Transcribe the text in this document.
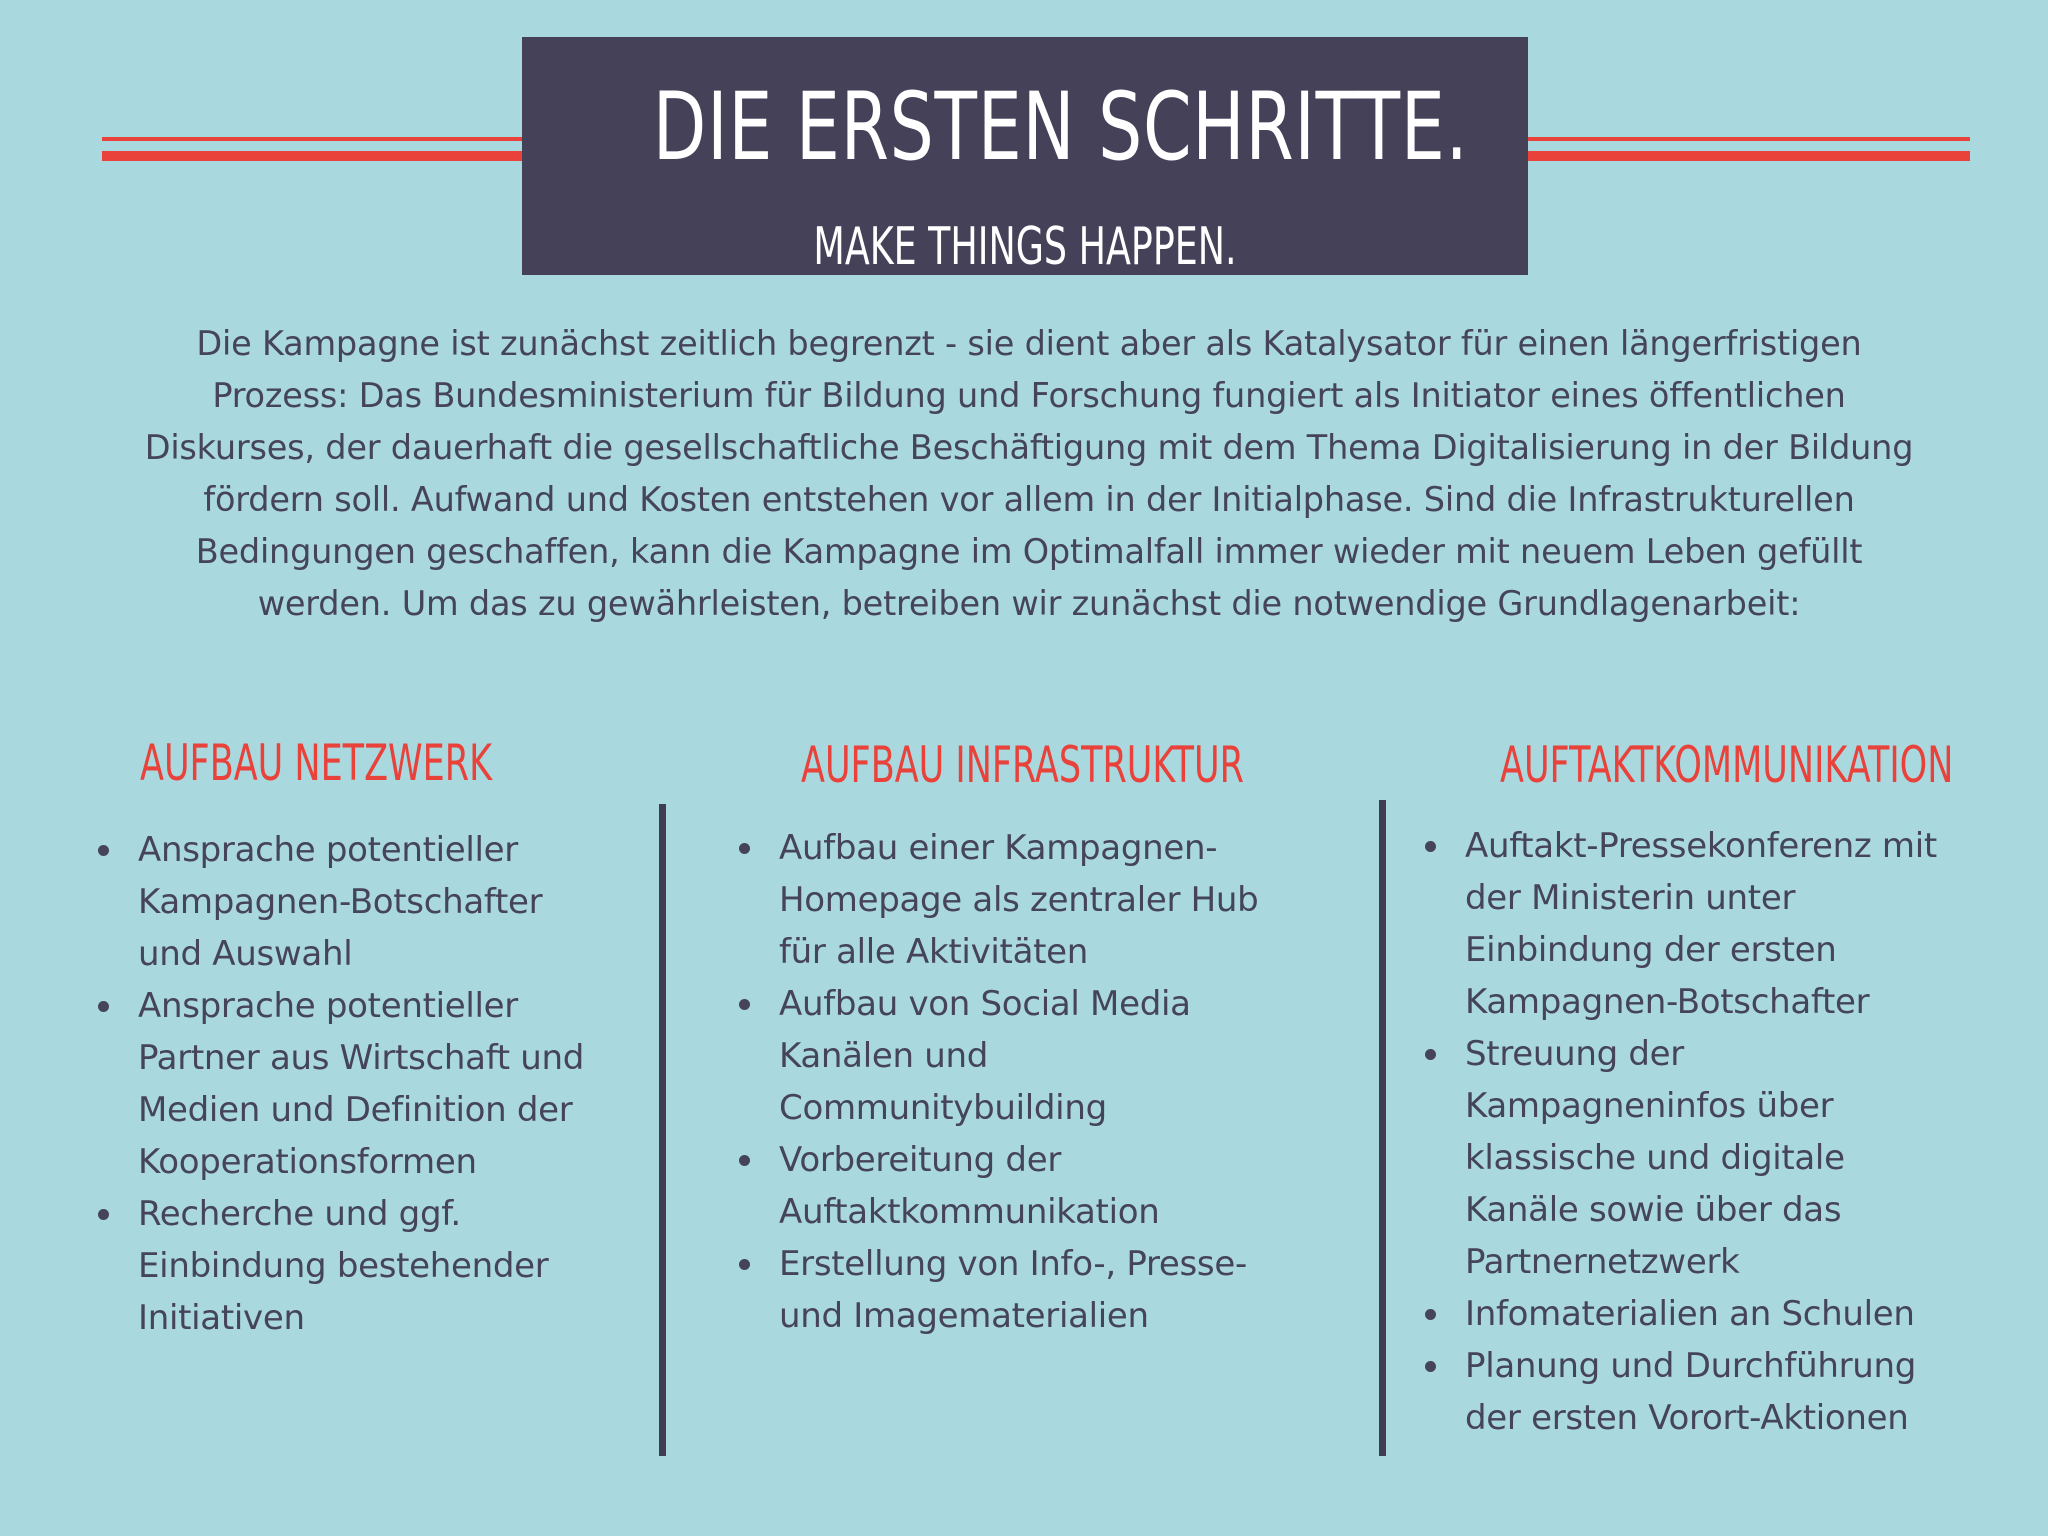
DIE ERSTEN SCHRITTE.
MAKE THINGS HAPPEN.
Die Kampagne ist zunächst zeitlich begrenzt - sie dient aber als Katalysator für einen längerfristigen
Prozess: Das Bundesministerium für Bildung und Forschung fungiert als Initiator eines öffentlichen
Diskurses, der dauerhaft die gesellschaftliche Beschäftigung mit dem Thema Digitalisierung in der Bildung
fördern soll. Aufwand und Kosten entstehen vor allem in der Initialphase. Sind die Infrastrukturellen
Bedingungen geschaffen, kann die Kampagne im Optimalfall immer wieder mit neuem Leben gefüllt
werden. Um das zu gewährleisten, betreiben wir zunächst die notwendige Grundlagenarbeit:
AUFBAU NETZWERK	AUFBAU INFRASTRUKTUR	AUFTAKTKOMMUNIKATION
Ansprache potentieller
Kampagnen-Botschafter
und Auswahl
Ansprache potentieller
Partner aus Wirtschaft und
Medien und Definition der
Kooperationsformen
Recherche und ggf.
Einbindung bestehender
Initiativen
Aufbau einer Kampagnen-
Homepage als zentraler Hub
für alle Aktivitäten
Aufbau von Social Media
Kanälen und
Communitybuilding
Vorbereitung der
Auftaktkommunikation
Erstellung von Info-, Presse-
und Imagematerialien
Auftakt-Pressekonferenz mit
der Ministerin unter
Einbindung der ersten
Kampagnen-Botschafter
Streuung der
Kampagneninfos über
klassische und digitale
Kanäle sowie über das
Partnernetzwerk
Infomaterialien an Schulen
Planung und Durchführung
der ersten Vorort-Aktionen
